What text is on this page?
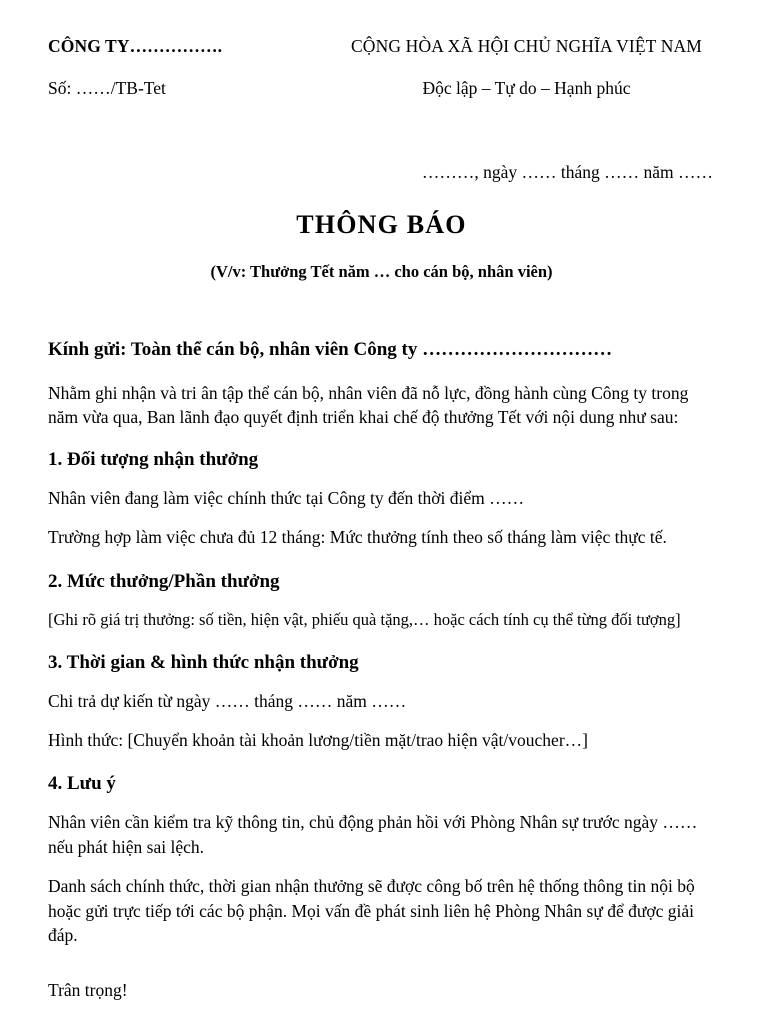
CÔNG TY…………….	CỘNG HÒA XÃ HỘI CHỦ NGHĨA VIỆT NAM
Số: ……/TB-Tet	Độc lập – Tự do – Hạnh phúc
………, ngày …… tháng …… năm ……
THÔNG BÁO
(V/v: Thưởng Tết năm … cho cán bộ, nhân viên)
Kính gửi: Toàn thể cán bộ, nhân viên Công ty …………………………

Nhằm ghi nhận và tri ân tập thể cán bộ, nhân viên đã nỗ lực, đồng hành cùng Công ty trong năm vừa qua, Ban lãnh đạo quyết định triển khai chế độ thưởng Tết với nội dung như sau:

1. Đối tượng nhận thưởng

Nhân viên đang làm việc chính thức tại Công ty đến thời điểm ……

Trường hợp làm việc chưa đủ 12 tháng: Mức thưởng tính theo số tháng làm việc thực tế.

2. Mức thưởng/Phần thưởng

[Ghi rõ giá trị thưởng: số tiền, hiện vật, phiếu quà tặng,… hoặc cách tính cụ thể từng đối tượng]

3. Thời gian & hình thức nhận thưởng

Chi trả dự kiến từ ngày …… tháng …… năm ……

Hình thức: [Chuyển khoản tài khoản lương/tiền mặt/trao hiện vật/voucher…]

4. Lưu ý

Nhân viên cần kiểm tra kỹ thông tin, chủ động phản hồi với Phòng Nhân sự trước ngày …… nếu phát hiện sai lệch.

Danh sách chính thức, thời gian nhận thưởng sẽ được công bố trên hệ thống thông tin nội bộ hoặc gửi trực tiếp tới các bộ phận. Mọi vấn đề phát sinh liên hệ Phòng Nhân sự để được giải đáp.

Trân trọng!
